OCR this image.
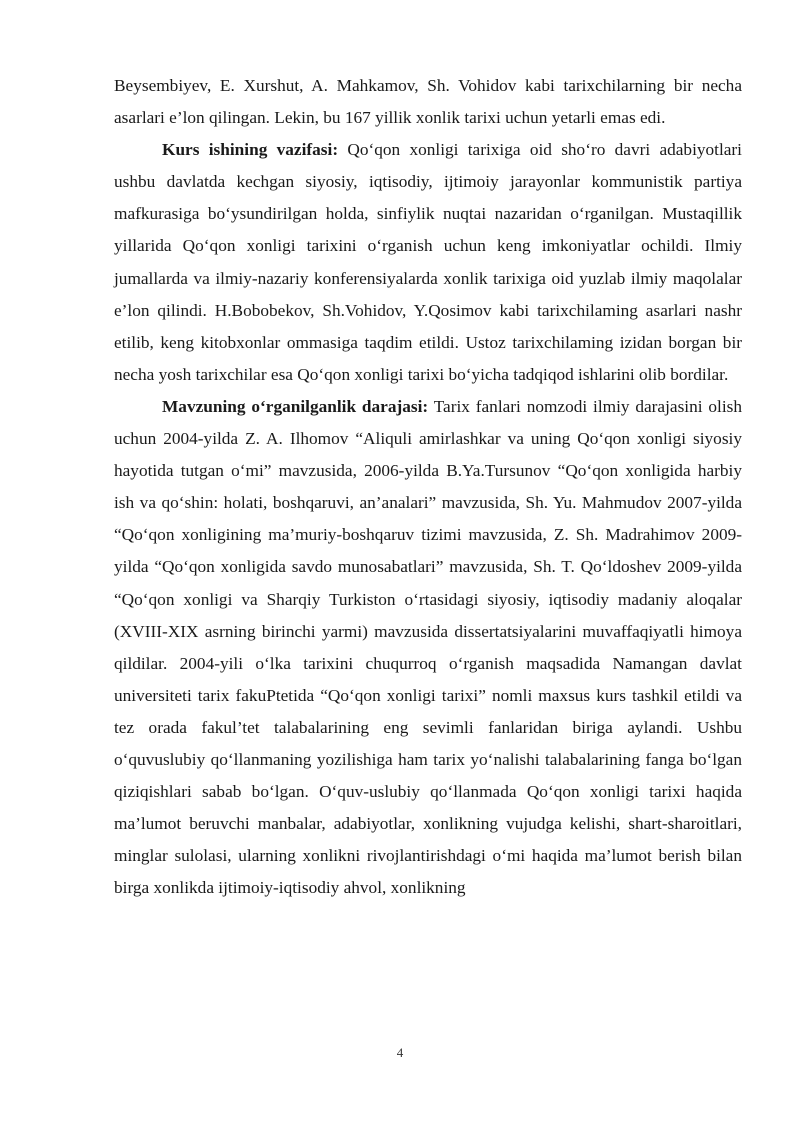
Beysembiyev, E. Xurshut, A. Mahkamov, Sh. Vohidov kabi tarixchilarning bir necha asarlari e’lon qilingan. Lekin, bu 167 yillik xonlik tarixi uchun yetarli emas edi.

Kurs ishining vazifasi: Qo‘qon xonligi tarixiga oid sho‘ro davri adabiyotlari ushbu davlatda kechgan siyosiy, iqtisodiy, ijtimoiy jarayonlar kommunistik partiya mafkurasiga bo‘ysundirilgan holda, sinfiylik nuqtai nazaridan o‘rganilgan. Mustaqillik yillarida Qo‘qon xonligi tarixini o‘rganish uchun keng imkoniyatlar ochildi. Ilmiy jumallarda va ilmiy-nazariy konferensiyalarda xonlik tarixiga oid yuzlab ilmiy maqolalar e’lon qilindi. H.Bobobekov, Sh.Vohidov, Y.Qosimov kabi tarixchilaming asarlari nashr etilib, keng kitobxonlar ommasiga taqdim etildi. Ustoz tarixchilaming izidan borgan bir necha yosh tarixchilar esa Qo‘qon xonligi tarixi bo‘yicha tadqiqod ishlarini olib bordilar.

Mavzuning o‘rganilganlik darajasi: Tarix fanlari nomzodi ilmiy darajasini olish uchun 2004-yilda Z. A. Ilhomov “Aliquli amirlashkar va uning Qo‘qon xonligi siyosiy hayotida tutgan o‘mi” mavzusida, 2006-yilda B.Ya.Tursunov “Qo‘qon xonligida harbiy ish va qo‘shin: holati, boshqaruvi, an’analari” mavzusida, Sh. Yu. Mahmudov 2007-yilda “Qo‘qon xonligining ma’muriy-boshqaruv tizimi mavzusida, Z. Sh. Madrahimov 2009-yilda “Qo‘qon xonligida savdo munosabatlari” mavzusida, Sh. T. Qo‘ldoshev 2009-yilda “Qo‘qon xonligi va Sharqiy Turkiston o‘rtasidagi siyosiy, iqtisodiy madaniy aloqalar (XVIII-XIX asrning birinchi yarmi) mavzusida dissertatsiyalarini muvaffaqiyatli himoya qildilar. 2004-yili o‘lka tarixini chuqurroq o‘rganish maqsadida Namangan davlat universiteti tarix fakuPtetida “Qo‘qon xonligi tarixi” nomli maxsus kurs tashkil etildi va tez orada fakul’tet talabalarining eng sevimli fanlaridan biriga aylandi. Ushbu o‘quvuslubiy qo‘llanmaning yozilishiga ham tarix yo‘nalishi talabalarining fanga bo‘lgan qiziqishlari sabab bo‘lgan. O‘quv-uslubiy qo‘llanmada Qo‘qon xonligi tarixi haqida ma’lumot beruvchi manbalar, adabiyotlar, xonlikning vujudga kelishi, shart-sharoitlari, minglar sulolasi, ularning xonlikni rivojlantirishdagi o‘mi haqida ma’lumot berish bilan birga xonlikda ijtimoiy-iqtisodiy ahvol, xonlikning

4
